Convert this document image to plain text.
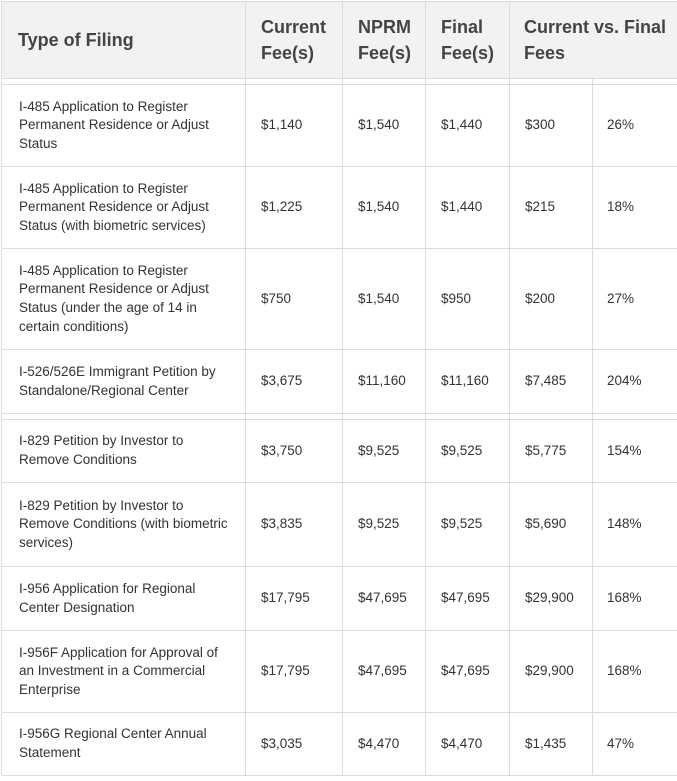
Type of Filing	Current Fee(s)	NPRM Fee(s)	Final Fee(s)	Current vs. Final Fees	

I-485 Application to Register Permanent Residence or Adjust Status	$1,140	$1,540	$1,440	$300	26%
I-485 Application to Register Permanent Residence or Adjust Status (with biometric services)	$1,225	$1,540	$1,440	$215	18%
I-485 Application to Register Permanent Residence or Adjust Status (under the age of 14 in certain conditions)	$750	$1,540	$950	$200	27%
I-526/526E Immigrant Petition by Standalone/Regional Center	$3,675	$11,160	$11,160	$7,485	204%

I-829 Petition by Investor to Remove Conditions	$3,750	$9,525	$9,525	$5,775	154%
I-829 Petition by Investor to Remove Conditions (with biometric services)	$3,835	$9,525	$9,525	$5,690	148%
I-956 Application for Regional Center Designation	$17,795	$47,695	$47,695	$29,900	168%
I-956F Application for Approval of an Investment in a Commercial Enterprise	$17,795	$47,695	$47,695	$29,900	168%
I-956G Regional Center Annual Statement	$3,035	$4,470	$4,470	$1,435	47%
